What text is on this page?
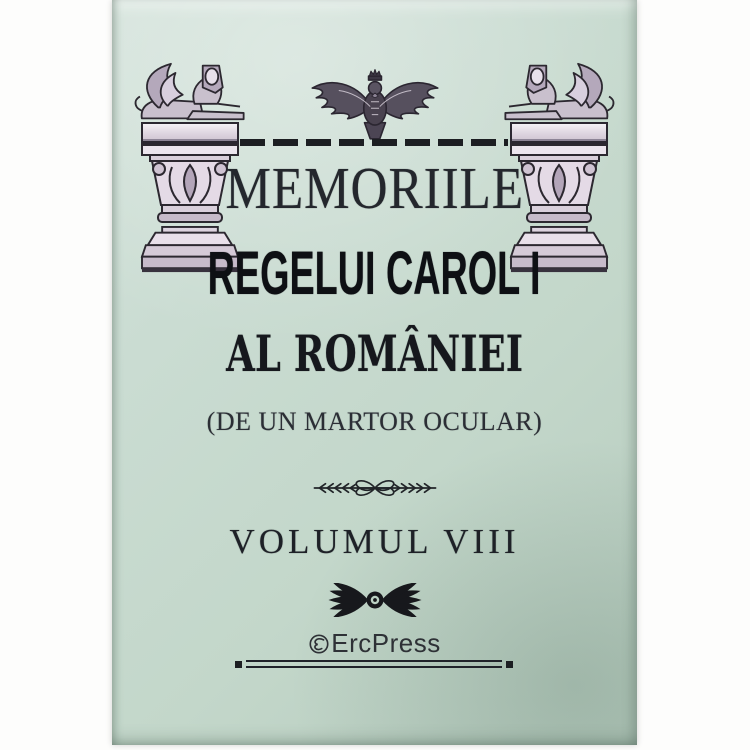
MEMORIILE
REGELUI CAROL I
AL ROMÂNIEI
(DE UN MARTOR OCULAR)
VOLUMUL VIII
ErcPress
